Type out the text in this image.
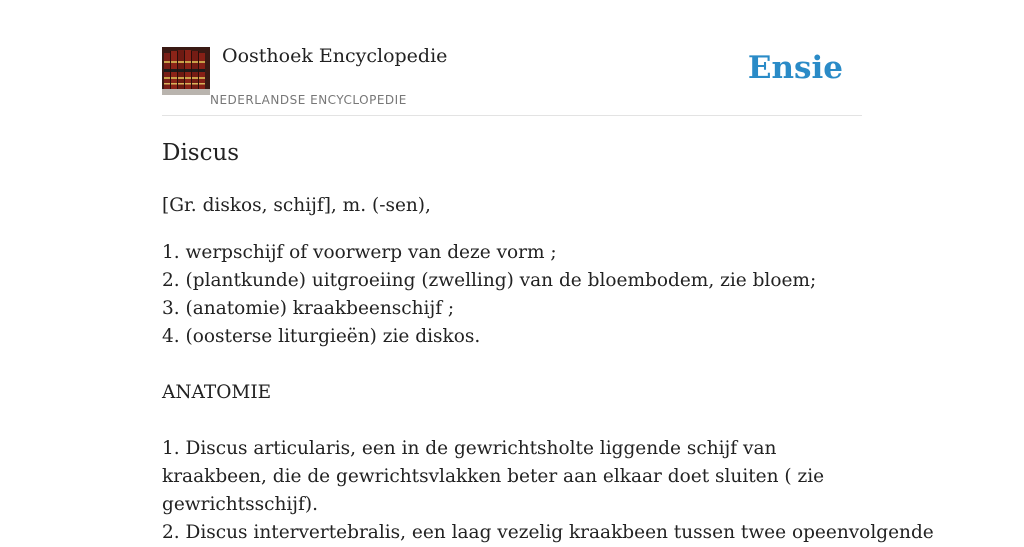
Oosthoek Encyclopedie
NEDERLANDSE ENCYCLOPEDIE
Ensie
Discus

[Gr. diskos, schijf], m. (-sen),

1. werpschijf of voorwerp van deze vorm ;
2. (plantkunde) uitgroeiing (zwelling) van de bloembodem, zie bloem;
3. (anatomie) kraakbeenschijf ;
4. (oosterse liturgieën) zie diskos.
ANATOMIE
1. Discus articularis, een in de gewrichtsholte liggende schijf van kraakbeen, die de gewrichtsvlakken beter aan elkaar doet sluiten ( zie gewrichtsschijf).
2. Discus intervertebralis, een laag vezelig kraakbeen tussen twee opeenvolgende
